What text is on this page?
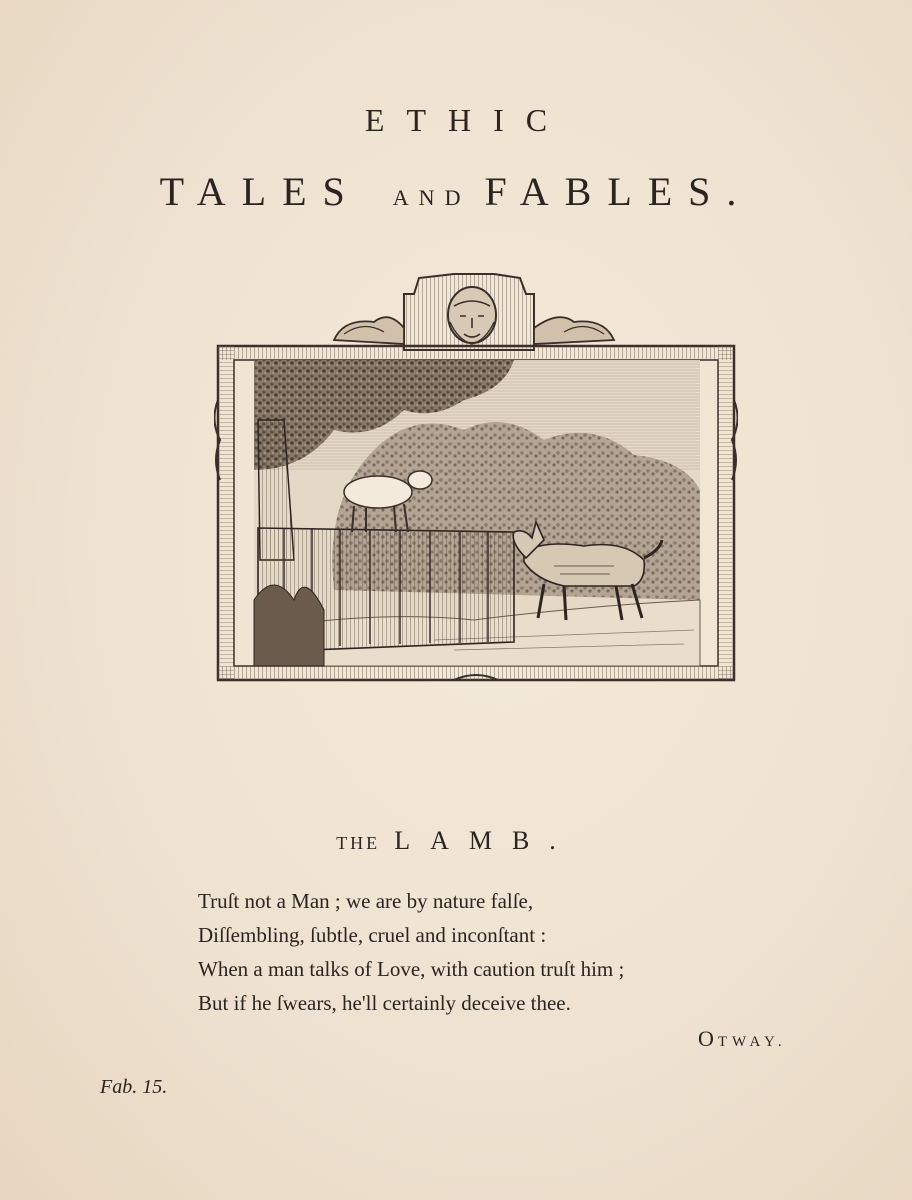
ETHIC
TALES AND FABLES.
THE LAMB.
Truſt not a Man ; we are by nature falſe,
Diſſembling, ſubtle, cruel and inconſtant :
When a man talks of Love, with caution truſt him ;
But if he ſwears, he'll certainly deceive thee.
OTWAY.
Fab. 15.
